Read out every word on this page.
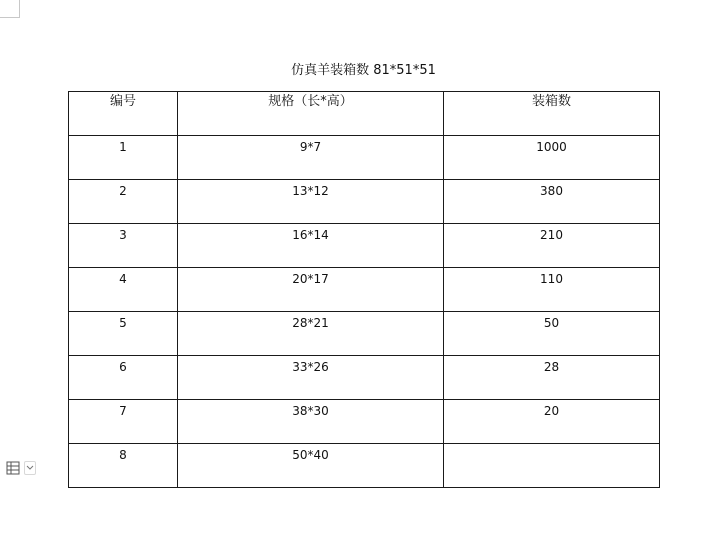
仿真羊装箱数 81*51*51
编号	规格（长*高）	装箱数
1	9*7	1000
2	13*12	380
3	16*14	210
4	20*17	110
5	28*21	50
6	33*26	28
7	38*30	20
8	50*40	
